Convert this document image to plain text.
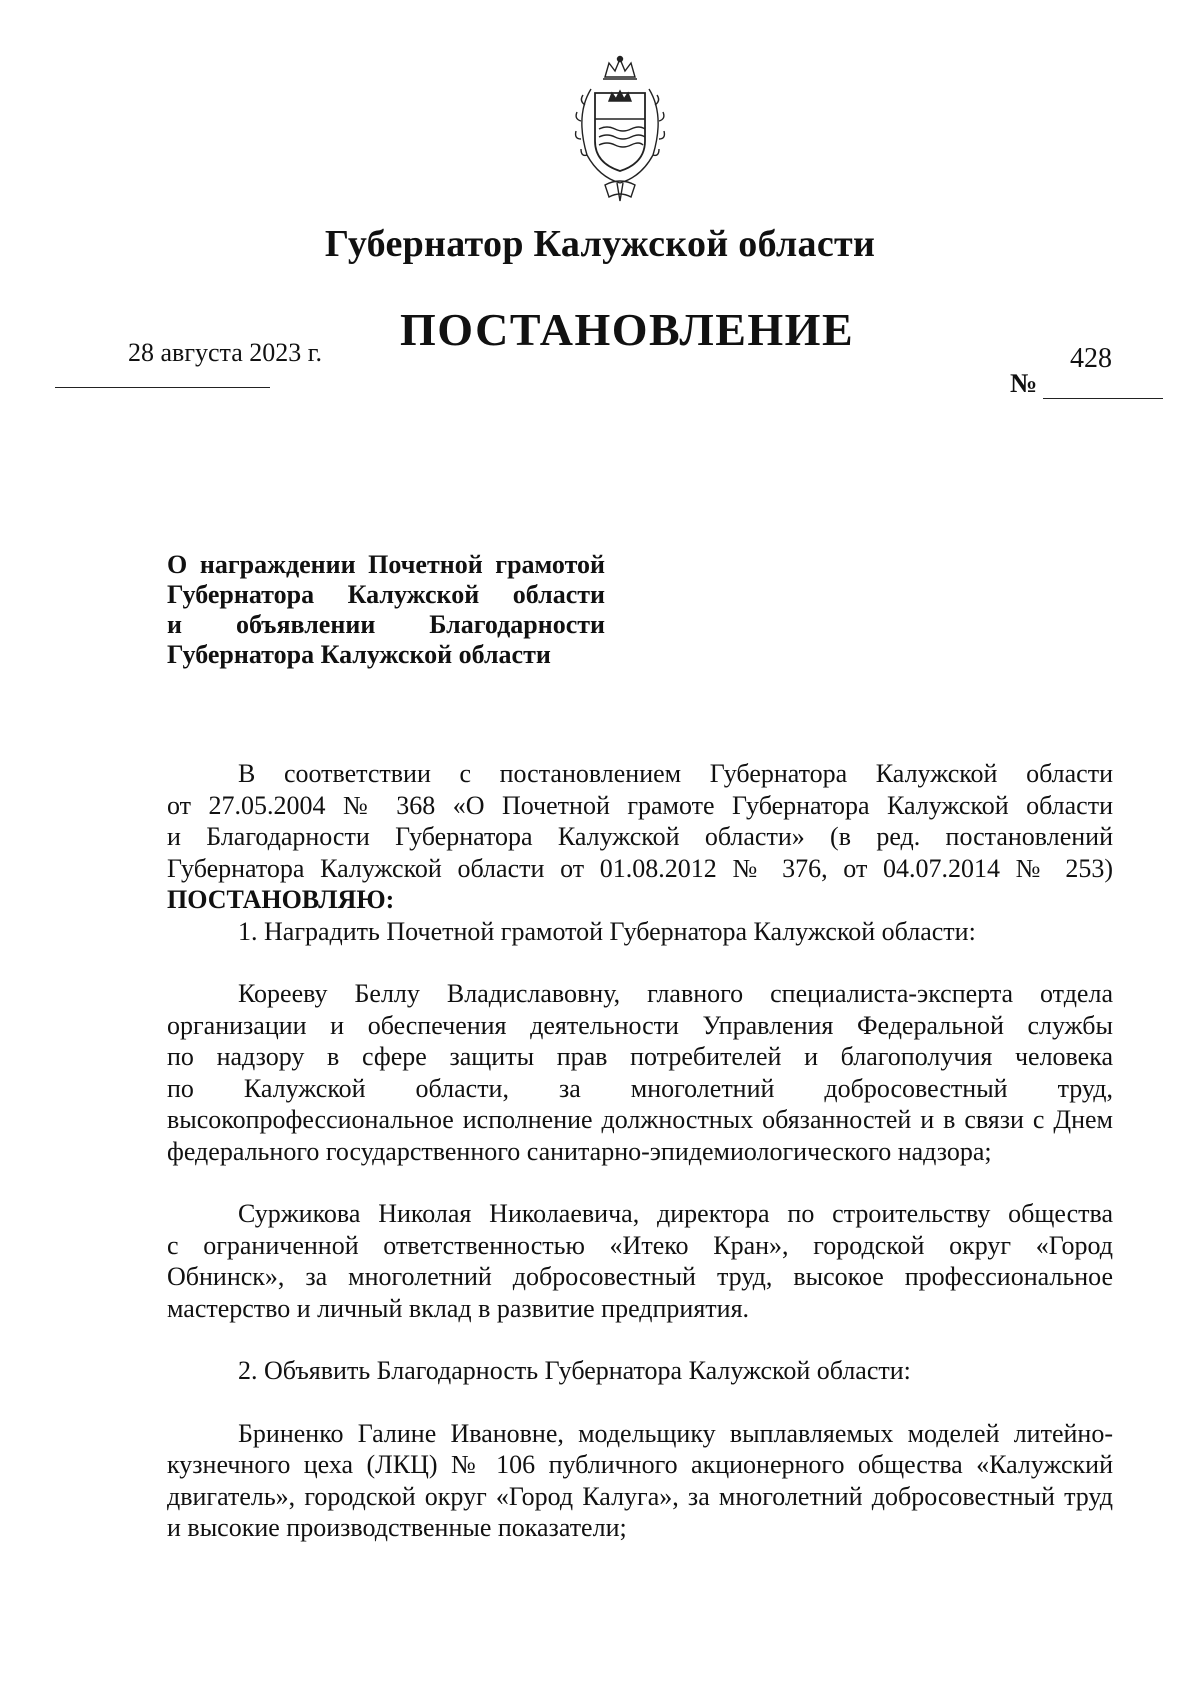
Губернатор Калужской области
ПОСТАНОВЛЕНИЕ
28 августа 2023 г.	428
№
О награждении Почетной грамотой
Губернатора Калужской области
и объявлении Благодарности
Губернатора Калужской области
В соответствии с постановлением Губернатора Калужской области
от 27.05.2004 № 368 «О Почетной грамоте Губернатора Калужской области
и Благодарности Губернатора Калужской области» (в ред. постановлений
Губернатора Калужской области от 01.08.2012 № 376, от 04.07.2014 № 253)
ПОСТАНОВЛЯЮ:
1. Наградить Почетной грамотой Губернатора Калужской области:
Корееву Беллу Владиславовну, главного специалиста-эксперта отдела
организации и обеспечения деятельности Управления Федеральной службы
по надзору в сфере защиты прав потребителей и благополучия человека
по Калужской области, за многолетний добросовестный труд,
высокопрофессиональное исполнение должностных обязанностей и в связи с Днем
федерального государственного санитарно-эпидемиологического надзора;
Суржикова Николая Николаевича, директора по строительству общества
с ограниченной ответственностью «Итеко Кран», городской округ «Город
Обнинск», за многолетний добросовестный труд, высокое профессиональное
мастерство и личный вклад в развитие предприятия.
2. Объявить Благодарность Губернатора Калужской области:
Бриненко Галине Ивановне, модельщику выплавляемых моделей литейно-
кузнечного цеха (ЛКЦ) № 106 публичного акционерного общества «Калужский
двигатель», городской округ «Город Калуга», за многолетний добросовестный труд
и высокие производственные показатели;
